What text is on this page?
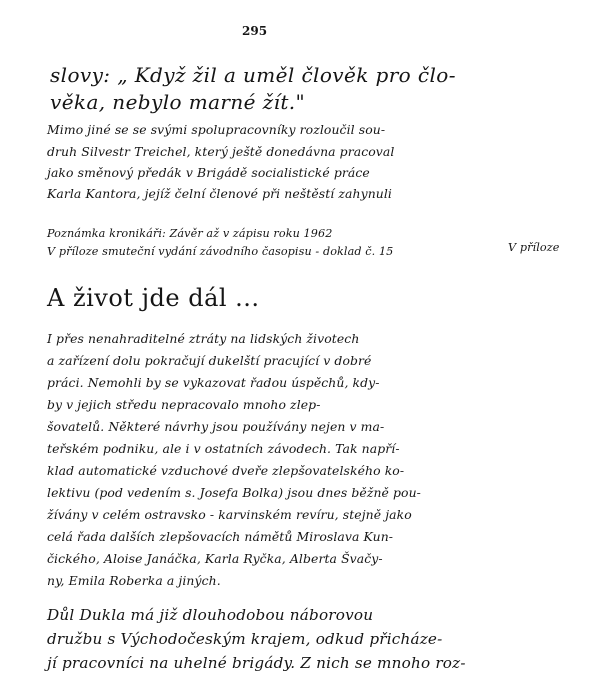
295
slovy: „ Když žil a uměl člověk pro člo-
věka, nebylo marné žít."
Mimo jiné se se svými spolupracovníky rozloučil sou-
druh Silvestr Treichel, který ještě donedávna pracoval
jako směnový předák v Brigádě socialistické práce
Karla Kantora, jejíž čelní členové při neštěstí zahynuli
Poznámka kronikáři: Závěr až v zápisu roku 1962
V příloze smuteční vydání závodního časopisu - doklad č. 15	V příloze
A život jde dál ...
I přes nenahraditelné ztráty na lidských životech
a zařízení dolu pokračují dukelští pracující v dobré
práci. Nemohli by se vykazovat řadou úspěchů, kdy-
by v jejich středu nepracovalo mnoho zlep-
šovatelů. Některé návrhy jsou používány nejen v ma-
teřském podniku, ale i v ostatních závodech. Tak napří-
klad automatické vzduchové dveře zlepšovatelského ko-
lektivu (pod vedením s. Josefa Bolka) jsou dnes běžně pou-
žívány v celém ostravsko - karvinském revíru, stejně jako
celá řada dalších zlepšovacích námětů Miroslava Kun-
čického, Aloise Janáčka, Karla Ryčka, Alberta Švačy-
ny, Emila Roberka a jiných.
Důl Dukla má již dlouhodobou náborovou
družbu s Východočeským krajem, odkud přicháze-
jí pracovníci na uhelné brigády. Z nich se mnoho roz-
